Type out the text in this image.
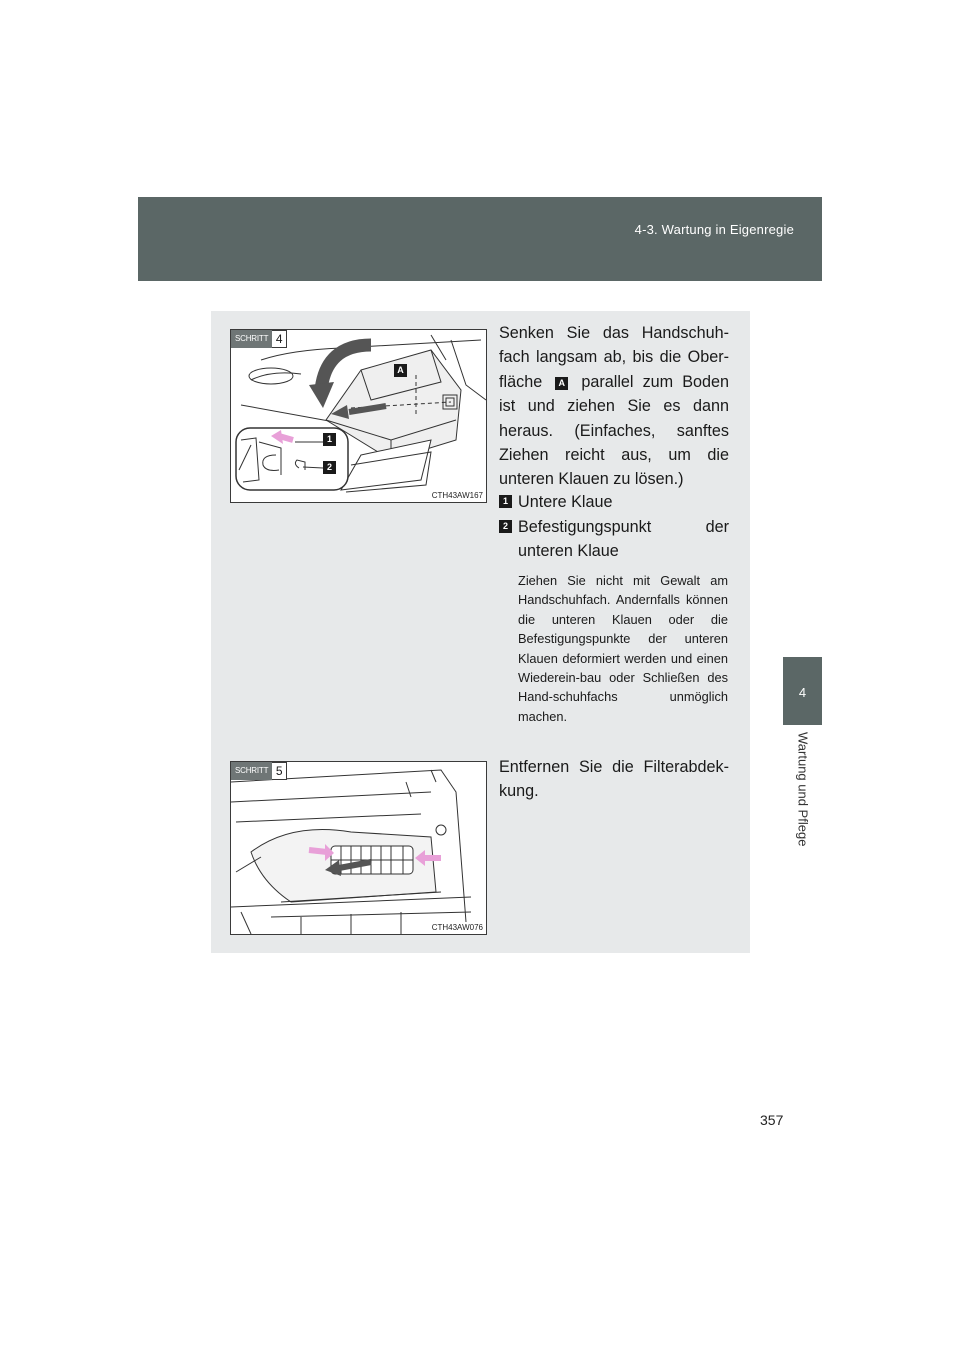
4-3. Wartung in Eigenregie
4
Wartung und Pflege
SCHRITT 4
A
1
2
CTH43AW167

Senken Sie das Handschuh-fach langsam ab, bis die Ober-fläche A parallel zum Boden ist und ziehen Sie es dann heraus. (Einfaches, sanftes Ziehen reicht aus, um die unteren Klauen zu lösen.)

1 Untere Klaue
2 Befestigungspunkt der unteren Klaue

Ziehen Sie nicht mit Gewalt am Handschuhfach. Andernfalls können die unteren Klauen oder die Befestigungspunkte der unteren Klauen deformiert werden und einen Wiederein-bau oder Schließen des Hand-schuhfachs unmöglich machen.

SCHRITT 5
CTH43AW076

Entfernen Sie die Filterabdek-kung.

357
